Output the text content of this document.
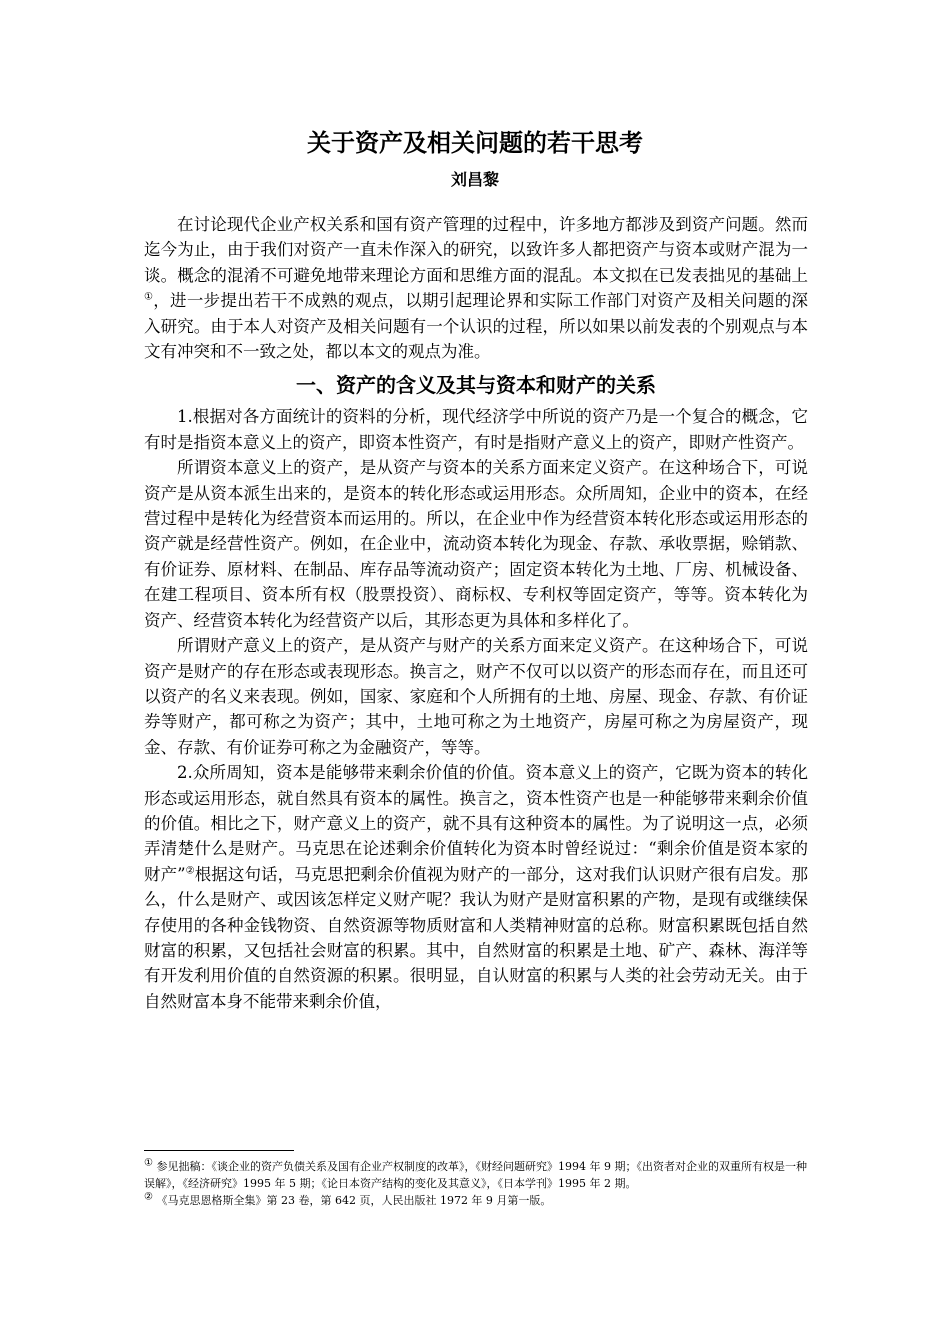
关于资产及相关问题的若干思考
刘昌黎

在讨论现代企业产权关系和国有资产管理的过程中，许多地方都涉及到资产问题。然而迄今为止，由于我们对资产一直未作深入的研究，以致许多人都把资产与资本或财产混为一谈。概念的混淆不可避免地带来理论方面和思维方面的混乱。本文拟在已发表拙见的基础上①，进一步提出若干不成熟的观点，以期引起理论界和实际工作部门对资产及相关问题的深入研究。由于本人对资产及相关问题有一个认识的过程，所以如果以前发表的个别观点与本文有冲突和不一致之处，都以本文的观点为准。

一、资产的含义及其与资本和财产的关系

1.根据对各方面统计的资料的分析，现代经济学中所说的资产乃是一个复合的概念，它有时是指资本意义上的资产，即资本性资产，有时是指财产意义上的资产，即财产性资产。

所谓资本意义上的资产，是从资产与资本的关系方面来定义资产。在这种场合下，可说资产是从资本派生出来的，是资本的转化形态或运用形态。众所周知，企业中的资本，在经营过程中是转化为经营资本而运用的。所以，在企业中作为经营资本转化形态或运用形态的资产就是经营性资产。例如，在企业中，流动资本转化为现金、存款、承收票据，赊销款、有价证券、原材料、在制品、库存品等流动资产；固定资本转化为土地、厂房、机械设备、在建工程项目、资本所有权（股票投资）、商标权、专利权等固定资产，等等。资本转化为资产、经营资本转化为经营资产以后，其形态更为具体和多样化了。

所谓财产意义上的资产，是从资产与财产的关系方面来定义资产。在这种场合下，可说资产是财产的存在形态或表现形态。换言之，财产不仅可以以资产的形态而存在，而且还可以资产的名义来表现。例如，国家、家庭和个人所拥有的土地、房屋、现金、存款、有价证券等财产，都可称之为资产；其中，土地可称之为土地资产，房屋可称之为房屋资产，现金、存款、有价证券可称之为金融资产，等等。

2.众所周知，资本是能够带来剩余价值的价值。资本意义上的资产，它既为资本的转化形态或运用形态，就自然具有资本的属性。换言之，资本性资产也是一种能够带来剩余价值的价值。相比之下，财产意义上的资产，就不具有这种资本的属性。为了说明这一点，必须弄清楚什么是财产。马克思在论述剩余价值转化为资本时曾经说过：“剩余价值是资本家的财产”②根据这句话，马克思把剩余价值视为财产的一部分，这对我们认识财产很有启发。那么，什么是财产、或因该怎样定义财产呢？我认为财产是财富积累的产物，是现有或继续保存使用的各种金钱物资、自然资源等物质财富和人类精神财富的总称。财富积累既包括自然财富的积累，又包括社会财富的积累。其中，自然财富的积累是土地、矿产、森林、海洋等有开发利用价值的自然资源的积累。很明显，自认财富的积累与人类的社会劳动无关。由于自然财富本身不能带来剩余价值，

① 参见拙稿：《谈企业的资产负债关系及国有企业产权制度的改革》，《财经问题研究》1994 年 9 期；《出资者对企业的双重所有权是一种误解》，《经济研究》1995 年 5 期；《论日本资产结构的变化及其意义》，《日本学刊》1995 年 2 期。

② 《马克思恩格斯全集》第 23 卷，第 642 页，人民出版社 1972 年 9 月第一版。
